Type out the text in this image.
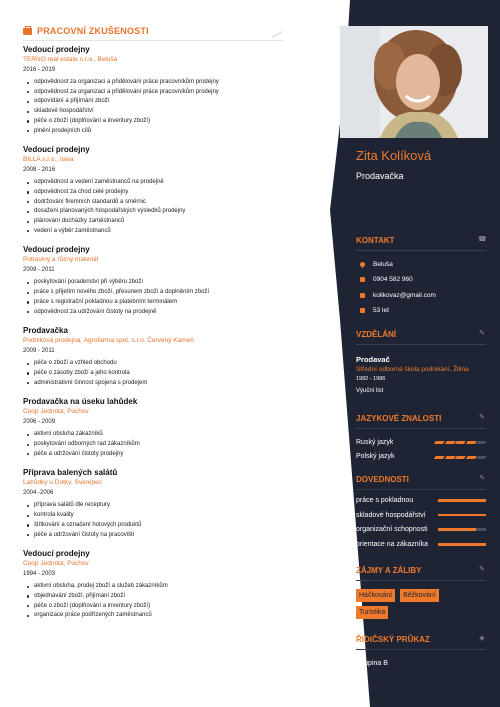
PRACOVNÍ ZKUŠENOSTI
Vedoucí prodejny
TERNO real estate s.r.o., Beluša
2016 - 2019
odpovědnost za organizaci a přidělování práce pracovníkům prodejny
odpovědnost za organizaci a přidělování práce pracovníkům prodejny
odpovídání a přijímání zboží
skladové hospodářství
péče o zboží (doplňování a inventury zboží)
plnění prodejních cílů
Vedoucí prodejny
BILLA s.r.o., Ilava
2008 - 2016
odpovědnost a vedení zaměstnanců na prodejně
odpovědnost za chod celé prodejny
dodržování firemních standardů a směrnic
dosažení plánovaných hospodářských výsledků prodejny
plánování docházky zaměstnanců
vedení a výběr zaměstnanců
Vedoucí prodejny
Potraviny a různý materiál
2009 - 2011
poskytování poradenství při výběru zboží
práce s přijetím nového zboží, přesunem zboží a doplněním zboží
práce s registrační pokladnou a platebním terminálem
odpovědnost za udržování čistoty na prodejně
Prodavačka
Podniková prodejna, Agrofarma spol. s.r.o. Červený Kameň
2009 - 2011
péče o zboží a vzhled obchodu
péče o zásoby zboží a jeho kontrola
administrativní činnost spojená s prodejem
Prodavačka na úseku lahůdek
Coop Jednota, Púchov
2006 - 2009
aktivní obsluha zákazníků
poskytování odborných rad zákazníkům
péče a udržování čistoty prodejny
Příprava balených salátů
Lahůdky u Dotky, Sverepec
2004 -2006
příprava salátů dle receptury
kontrola kvality
štítkování a označení hotových produktů
péče a udržování čistoty na pracovišti
Vedoucí prodejny
Coop Jednota, Púchov
1994 - 2003
aktivní obsluha, prodej zboží a služeb zákazníkům
objednávání zboží, přijímání zboží
péče o zboží (doplňování a inventury zboží)
organizace práce podřízených zaměstnanců
Zita Kolíková
Prodavačka
KONTAKT	☎
Beluša
0904 582 960
kolikovaz@gmail.com
53 let
VZDĚLÁNÍ	✎
Prodavač
Střední odborná škola podnikání, Žilina
1982 - 1986
Výuční list
JAZYKOVÉ ZNALOSTI	✎
Ruský jazyk
Polský jazyk
DOVEDNOSTI	✎
práce s pokladnou
skladové hospodářství
organizační schopnosti
orientace na zákazníka
ZÁJMY A ZÁLIBY	✎
Háčkování	Běžkování
Turistika
ŘIDIČSKÝ PRŮKAZ	◈
Skupina B
